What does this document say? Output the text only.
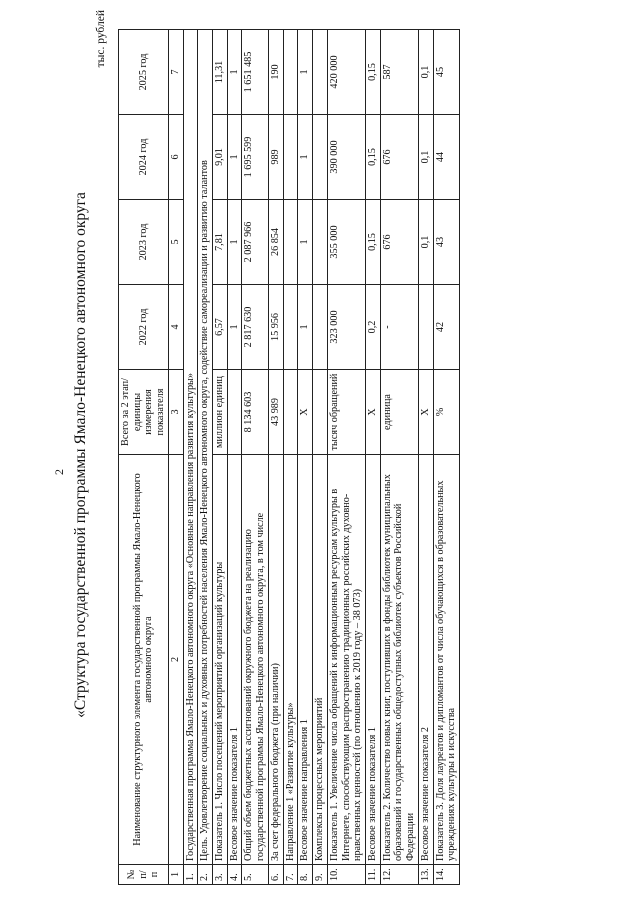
2 «Структура государственной программы Ямало-Ненецкого автономного округа
тыс. рублей
№ п/п	Наименование структурного элемента государственной программы Ямало-Ненецкого автономного округа	Всего за 2 этап/ единицы измерения показателя	2022 год	2023 год	2024 год	2025 год
1	2	3	4	5	6	7
1.	Государственная программа Ямало-Ненецкого автономного округа «Основные направления развития культуры»					
2.	Цель. Удовлетворение социальных и духовных потребностей населения Ямало-Ненецкого автономного округа, содействие самореализации и развитию талантов					
3.	Показатель 1. Число посещений мероприятий организаций культуры	миллион единиц	6,57	7,81	9,01	11,31
4.	Весовое значение показателя 1		1	1	1	1
5.	Общий объем бюджетных ассигнований окружного бюджета на реализацию государственной программы Ямало-Ненецкого автономного округа, в том числе	8 134 603	2 817 630	2 087 966	1 695 599	1 651 485
6.	За счет федерального бюджета (при наличии)	43 989	15 956	26 854	989	190
7.	Направление 1 «Развитие культуры»					
8.	Весовое значение направления 1	X	1	1	1	1
9.	Комплексы процессных мероприятий					
10.	Показатель 1. Увеличение числа обращений к информационным ресурсам культуры в Интернете, способствующим распространению традиционных российских духовно-нравственных ценностей (по отношению к 2019 году – 38 073)	тысяч обращений	323 000	355 000	390 000	420 000
11.	Весовое значение показателя 1	X	0,2	0,15	0,15	0,15
12.	Показатель 2. Количество новых книг, поступивших в фонды библиотек муниципальных образований и государственных общедоступных библиотек субъектов Российской Федерации	единица	-	676	676	587
13.	Весовое значение показателя 2	X		0,1	0,1	0,1
14.	Показатель 3. Доля лауреатов и дипломантов от числа обучающихся в образовательных учреждениях культуры и искусства	%	42	43	44	45
